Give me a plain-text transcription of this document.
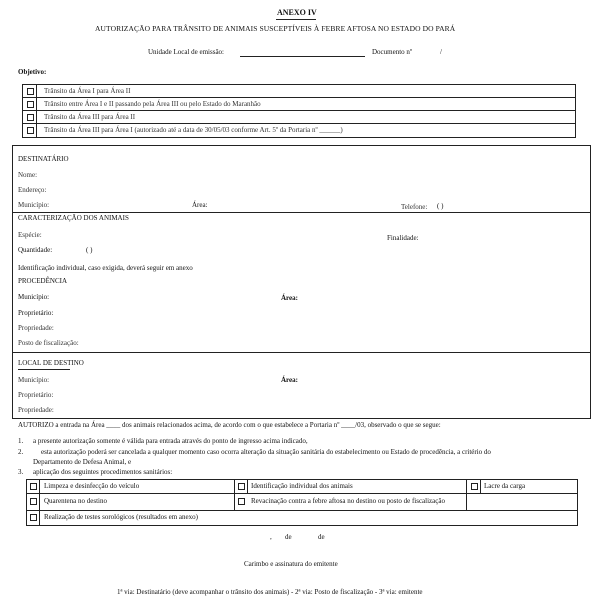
ANEXO IV
AUTORIZAÇÃO PARA TRÂNSITO DE ANIMAIS SUSCEPTÍVEIS À FEBRE AFTOSA NO ESTADO DO PARÁ
Unidade Local de emissão:	Documento nº	/
Objetivo:
Trânsito da Área I para Área II
Trânsito entre Área I e II passando pela Área III ou pelo Estado do Maranhão
Trânsito da Área III para Área II
Trânsito da Área III para Área I (autorizado até a data de 30/05/03 conforme Art. 5º da Portaria nº ______)
DESTINATÁRIO
Nome:
Endereço:
Município:	Área:	Telefone: ( )
CARACTERIZAÇÃO DOS ANIMAIS
Espécie:	Finalidade:
Quantidade:	( )
Identificação individual, caso exigida, deverá seguir em anexo
PROCEDÊNCIA
Município:	Área:
Proprietário:
Propriedade:
Posto de fiscalização:
LOCAL DE DESTINO
Município:	Área:
Proprietário:
Propriedade:
AUTORIZO a entrada na Área ____ dos animais relacionados acima, de acordo com o que estabelece a Portaria nº ____/03, observado o que se segue:
1. a presente autorização somente é válida para entrada através do ponto de ingresso acima indicado,
2.	esta autorização poderá ser cancelada a qualquer momento caso ocorra alteração da situação sanitária do estabelecimento ou Estado de procedência, a critério do
Departamento de Defesa Animal, e
3. aplicação dos seguintes procedimentos sanitários:
Limpeza e desinfecção do veículo	Identificação individual dos animais	Lacre da carga
Quarentena no destino	Revacinação contra a febre aftosa no destino ou posto de fiscalização
Realização de testes sorológicos (resultados em anexo)
, de	de
Carimbo e assinatura do emitente
1ª via: Destinatário (deve acompanhar o trânsito dos animais) - 2ª via: Posto de fiscalização - 3ª via: emitente
